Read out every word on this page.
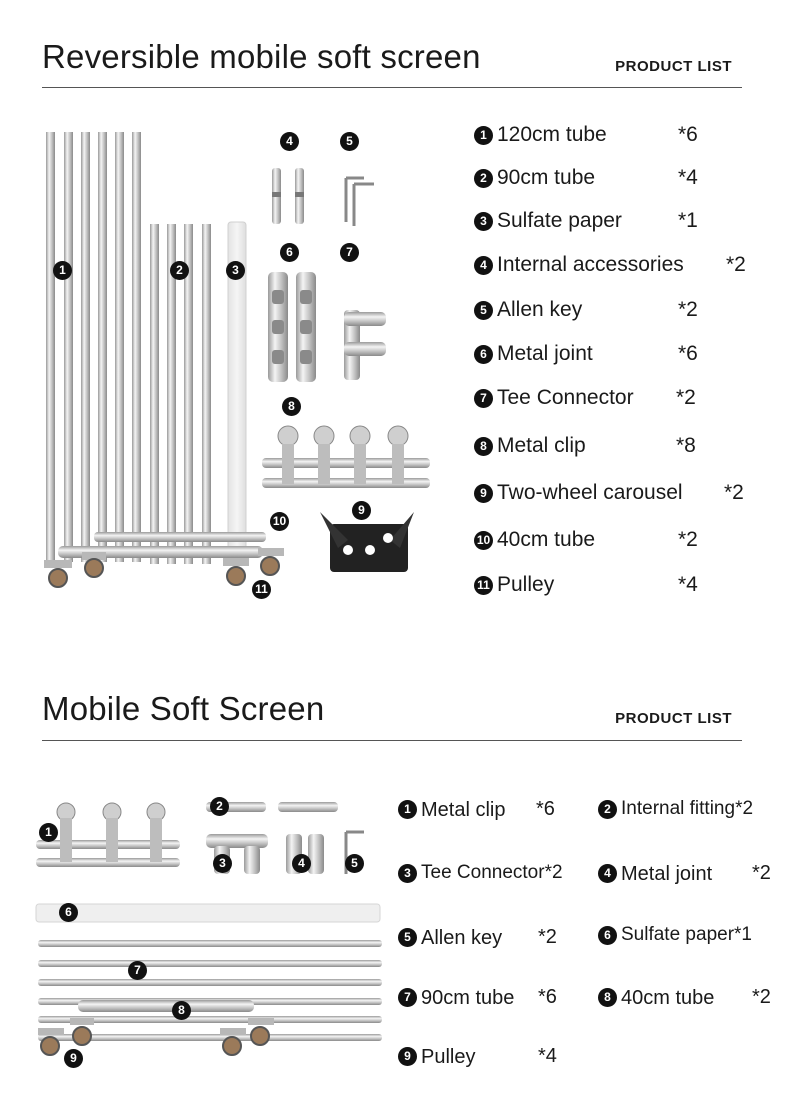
Reversible mobile soft screen	PRODUCT LIST
1	2	3
4	5
6	7
8
9
10
11
1 120cm tube	*6
2 90cm tube	*4
3 Sulfate paper	*1
4 Internal accessories *2
5 Allen key	*2
6 Metal joint	*6
7 Tee Connector *2
8 Metal clip	*8
9 Two-wheel carousel *2
10 40cm tube	*2
11 Pulley	*4
Mobile Soft Screen	PRODUCT LIST
1
2
3	4	5
6
7
8
9
1 Metal clip *6	2 Internal fitting*2
3 Tee Connector*2	4 Metal joint *2
5 Allen key *2	6 Sulfate paper*1
7 90cm tube *6	8 40cm tube *2
9 Pulley	*4
